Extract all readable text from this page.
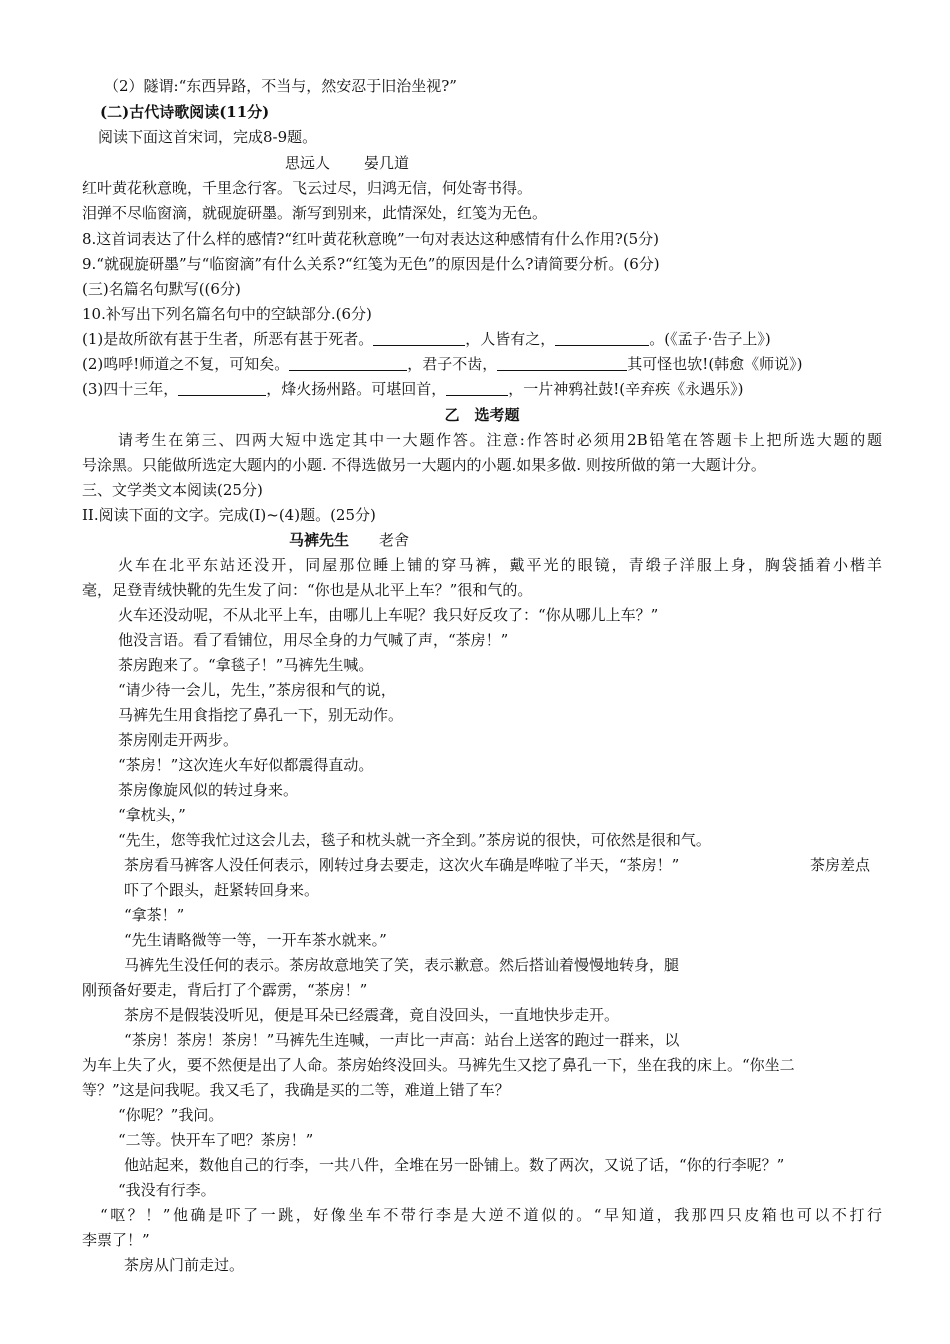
（2）隧谓:“东西异路，不当与，然安忍于旧治坐视?”
(二)古代诗歌阅读(11分)
阅读下面这首宋词，完成8-9题。
思远人 晏几道
红叶黄花秋意晚，千里念行客。飞云过尽，归鸿无信，何处寄书得。
泪弹不尽临窗滴，就砚旋研墨。渐写到别来，此情深处，红笺为无色。
8.这首词表达了什么样的感情?“红叶黄花秋意晚”一句对表达这种感情有什么作用?(5分)
9.“就砚旋研墨”与“临窗滴”有什么关系?“红笺为无色”的原因是什么?请简要分析。(6分)
(三)名篇名句默写((6分)
10.补写出下列名篇名句中的空缺部分.(6分)
(1)是故所欲有甚于生者，所恶有甚于死者。	，人皆有之，	。(《孟子·告子上》)
(2)鸣呼!师道之不复，可知矣。	，君子不齿，	其可怪也欤!(韩愈《师说》)
(3)四十三年，	，烽火扬州路。可堪回首，	，一片神鸦社鼓!(辛弃疾《永遇乐》)
乙　选考题
请考生在第三、四两大短中选定其中一大题作答。注意:作答时必须用2B铅笔在答题卡上把所选大题的题
号涂黑。只能做所选定大题内的小题. 不得选做另一大题内的小题.如果多做. 则按所做的第一大题计分。
三、文学类文本阅读(25分)
II.阅读下面的文字。完成(I)~(4)题。(25分)
马裤先生 老舍
火车在北平东站还没开，同屋那位睡上铺的穿马裤，戴平光的眼镜，青缎子洋服上身，胸袋插着小楷羊
毫，足登青绒快靴的先生发了问：“你也是从北平上车？”很和气的。
火车还没动呢，不从北平上车，由哪儿上车呢？我只好反攻了：“你从哪儿上车？”
他没言语。看了看铺位，用尽全身的力气喊了声，“茶房！”
茶房跑来了。“拿毯子！”马裤先生喊。
“请少待一会儿，先生，”茶房很和气的说，
马裤先生用食指挖了鼻孔一下，别无动作。
茶房刚走开两步。
“茶房！”这次连火车好似都震得直动。
茶房像旋风似的转过身来。
“拿枕头，”
“先生，您等我忙过这会儿去，毯子和枕头就一齐全到。”茶房说的很快，可依然是很和气。
茶房看马裤客人没任何表示，刚转过身去要走，这次火车确是哗啦了半天，“茶房！”	茶房差点
吓了个跟头，赶紧转回身来。
“拿茶！”
“先生请略微等一等，一开车茶水就来。”
马裤先生没任何的表示。茶房故意地笑了笑，表示歉意。然后搭讪着慢慢地转身，腿
刚预备好要走，背后打了个霹雳，“茶房！”
茶房不是假装没听见，便是耳朵已经震聋，竟自没回头，一直地快步走开。
“茶房！茶房！茶房！”马裤先生连喊，一声比一声高：站台上送客的跑过一群来，以
为车上失了火，要不然便是出了人命。茶房始终没回头。马裤先生又挖了鼻孔一下，坐在我的床上。“你坐二
等？”这是问我呢。我又毛了，我确是买的二等，难道上错了车？
“你呢？”我问。
“二等。快开车了吧？茶房！”
他站起来，数他自己的行李，一共八件，全堆在另一卧铺上。数了两次，又说了话，“你的行李呢？”
“我没有行李。
“呕？！”他确是吓了一跳，好像坐车不带行李是大逆不道似的。“早知道，我那四只皮箱也可以不打行
李票了！”
茶房从门前走过。
